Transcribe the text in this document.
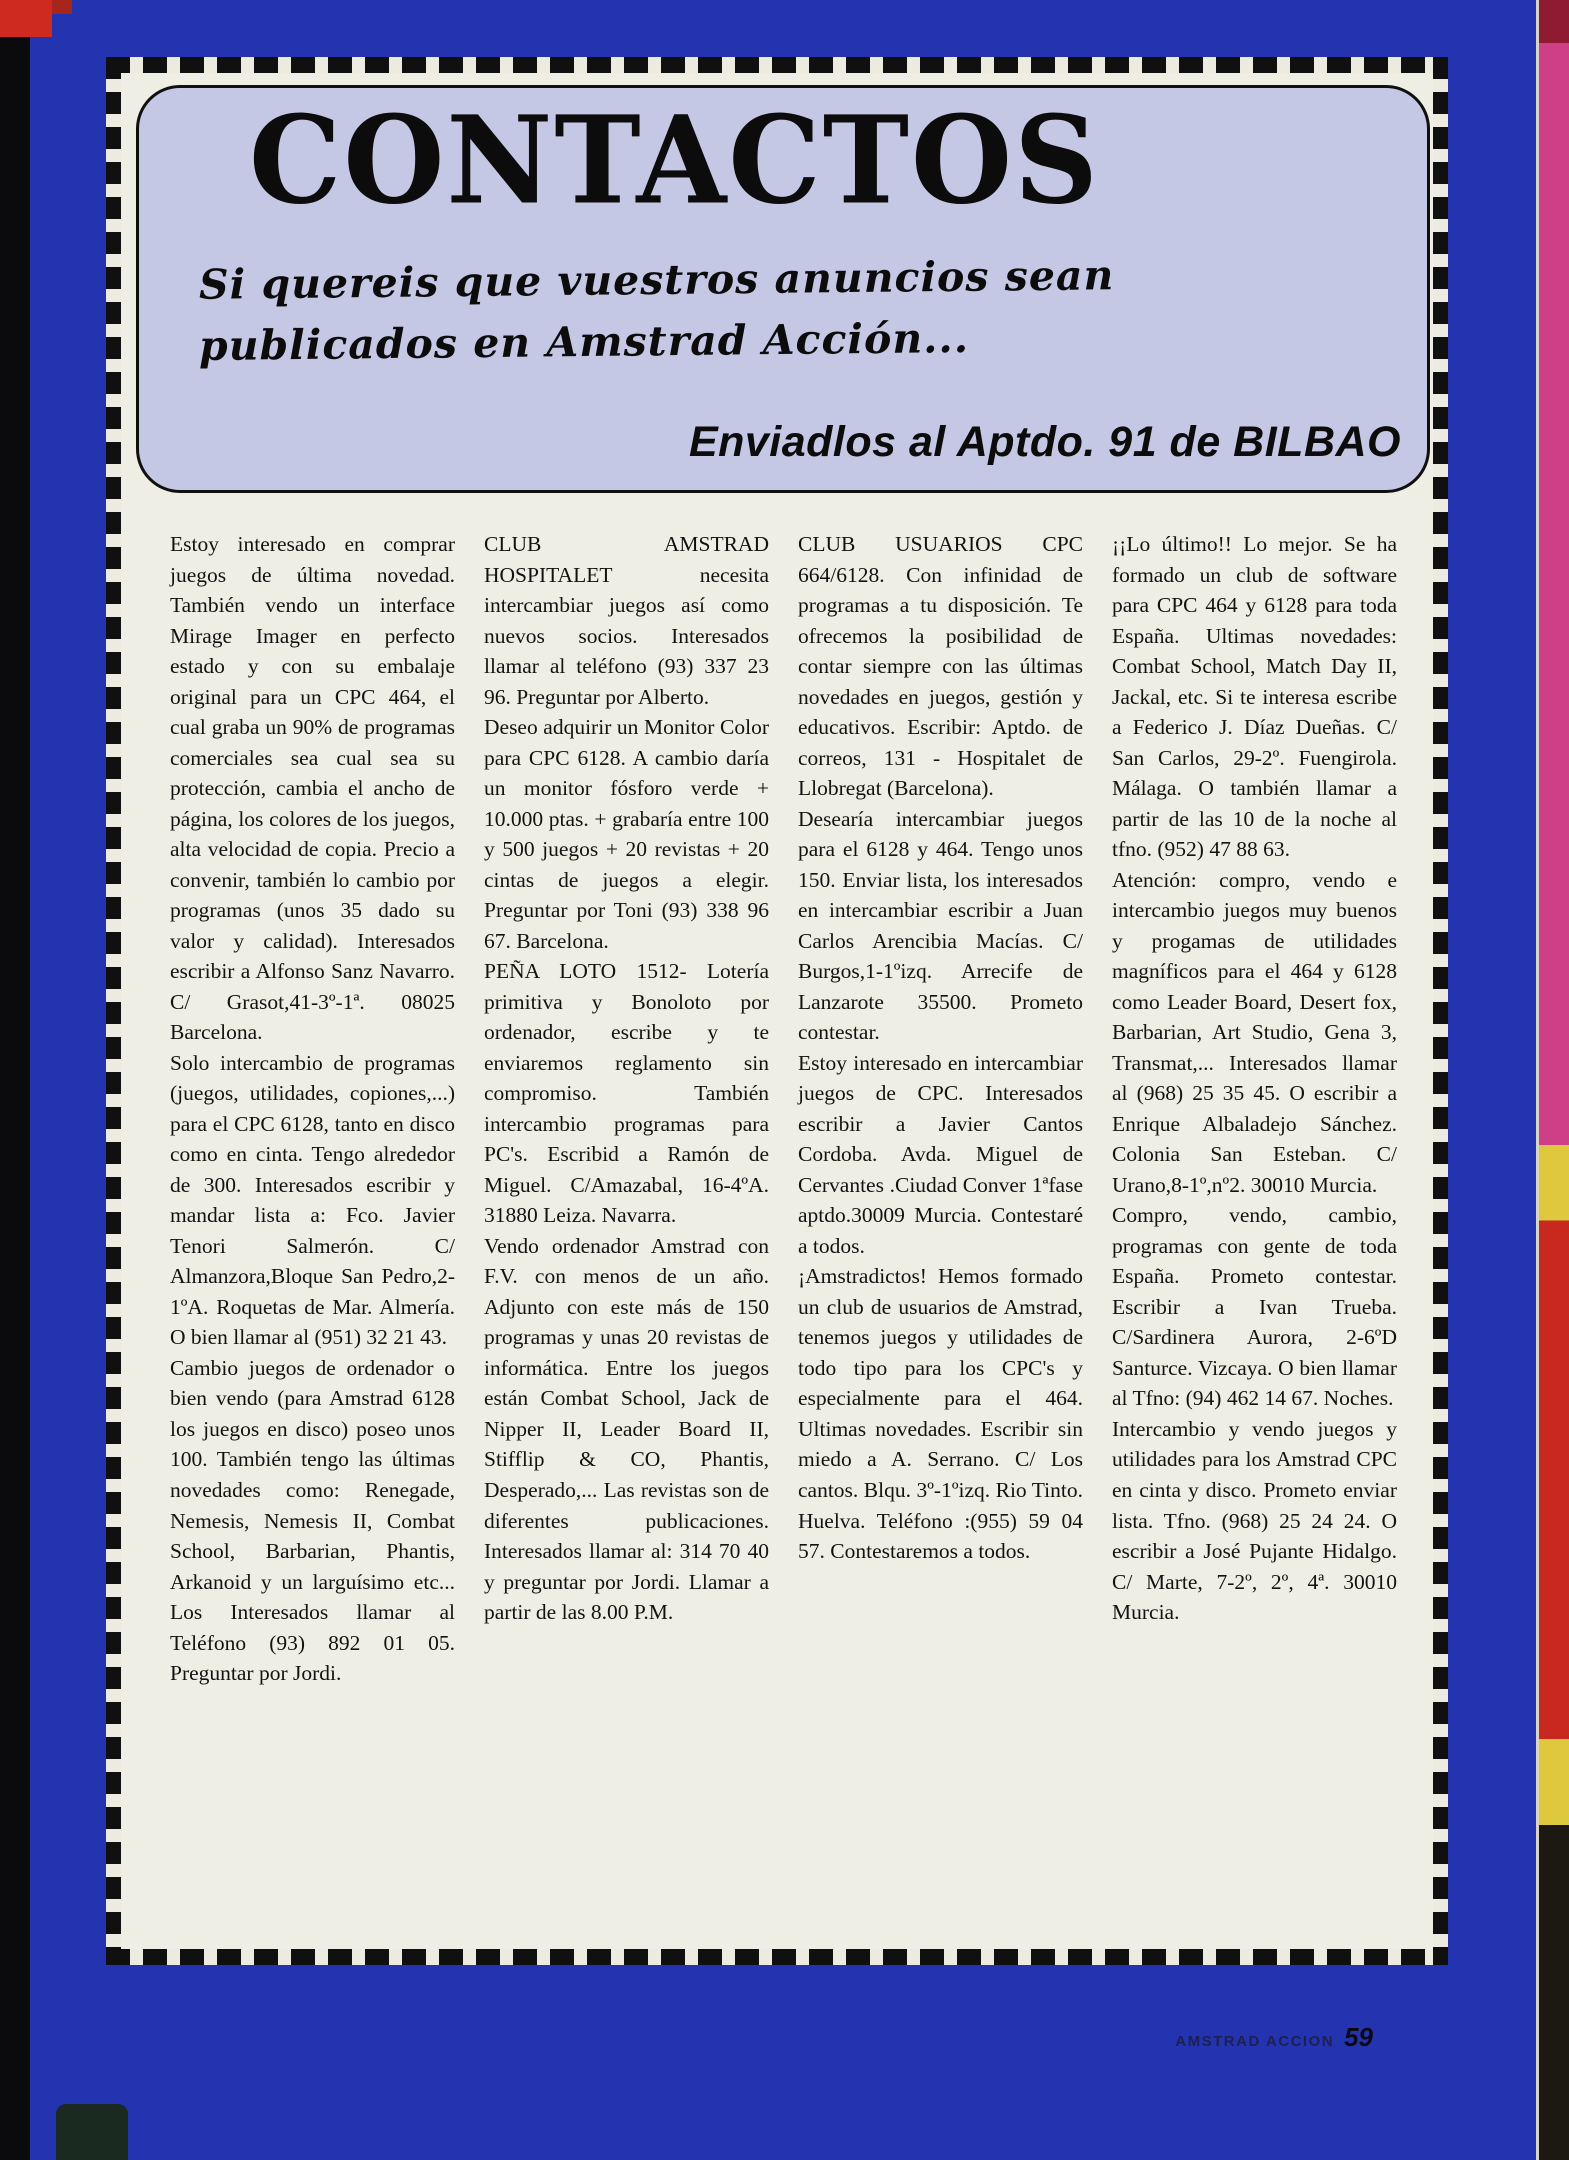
CONTACTOS
Si quereis que vuestros anuncios sean
publicados en Amstrad Acción...
Enviadlos al Aptdo. 91 de BILBAO

Estoy interesado en comprar juegos de última novedad. También vendo un interface Mirage Imager en perfecto estado y con su embalaje original para un CPC 464, el cual graba un 90% de programas comerciales sea cual sea su protección, cambia el ancho de página, los colores de los juegos, alta velocidad de copia. Precio a convenir, también lo cambio por programas (unos 35 dado su valor y calidad). Interesados escribir a Alfonso Sanz Navarro. C/ Grasot,41-3º-1ª. 08025 Barcelona.

Solo intercambio de programas (juegos, utilidades, copiones,...) para el CPC 6128, tanto en disco como en cinta. Tengo alrededor de 300. Interesados escribir y mandar lista a: Fco. Javier Tenori Salmerón. C/ Almanzora,Bloque San Pedro,2-1ºA. Roquetas de Mar. Almería. O bien llamar al (951) 32 21 43.

Cambio juegos de ordenador o bien vendo (para Amstrad 6128 los juegos en disco) poseo unos 100. También tengo las últimas novedades como: Renegade, Nemesis, Nemesis II, Combat School, Barbarian, Phantis, Arkanoid y un larguísimo etc... Los Interesados llamar al Teléfono (93) 892 01 05. Preguntar por Jordi.

CLUB AMSTRAD HOSPITALET necesita intercambiar juegos así como nuevos socios. Interesados llamar al teléfono (93) 337 23 96. Preguntar por Alberto.

Deseo adquirir un Monitor Color para CPC 6128. A cambio daría un monitor fósforo verde + 10.000 ptas. + grabaría entre 100 y 500 juegos + 20 revistas + 20 cintas de juegos a elegir. Preguntar por Toni (93) 338 96 67. Barcelona.

PEÑA LOTO 1512- Lotería primitiva y Bonoloto por ordenador, escribe y te enviaremos reglamento sin compromiso. También intercambio programas para PC's. Escribid a Ramón de Miguel. C/Amazabal, 16-4ºA. 31880 Leiza. Navarra.

Vendo ordenador Amstrad con F.V. con menos de un año. Adjunto con este más de 150 programas y unas 20 revistas de informática. Entre los juegos están Combat School, Jack de Nipper II, Leader Board II, Stifflip & CO, Phantis, Desperado,... Las revistas son de diferentes publicaciones. Interesados llamar al: 314 70 40 y preguntar por Jordi. Llamar a partir de las 8.00 P.M.

CLUB USUARIOS CPC 664/6128. Con infinidad de programas a tu disposición. Te ofrecemos la posibilidad de contar siempre con las últimas novedades en juegos, gestión y educativos. Escribir: Aptdo. de correos, 131 - Hospitalet de Llobregat (Barcelona).

Desearía intercambiar juegos para el 6128 y 464. Tengo unos 150. Enviar lista, los interesados en intercambiar escribir a Juan Carlos Arencibia Macías. C/ Burgos,1-1ºizq. Arrecife de Lanzarote 35500. Prometo contestar.

Estoy interesado en intercambiar juegos de CPC. Interesados escribir a Javier Cantos Cordoba. Avda. Miguel de Cervantes .Ciudad Conver 1ªfase aptdo.30009 Murcia. Contestaré a todos.

¡Amstradictos! Hemos formado un club de usuarios de Amstrad, tenemos juegos y utilidades de todo tipo para los CPC's y especialmente para el 464. Ultimas novedades. Escribir sin miedo a A. Serrano. C/ Los cantos. Blqu. 3º-1ºizq. Rio Tinto. Huelva. Teléfono :(955) 59 04 57. Contestaremos a todos.

¡¡Lo último!! Lo mejor. Se ha formado un club de software para CPC 464 y 6128 para toda España. Ultimas novedades: Combat School, Match Day II, Jackal, etc. Si te interesa escribe a Federico J. Díaz Dueñas. C/ San Carlos, 29-2º. Fuengirola. Málaga. O también llamar a partir de las 10 de la noche al tfno. (952) 47 88 63.

Atención: compro, vendo e intercambio juegos muy buenos y progamas de utilidades magníficos para el 464 y 6128 como Leader Board, Desert fox, Barbarian, Art Studio, Gena 3, Transmat,... Interesados llamar al (968) 25 35 45. O escribir a Enrique Albaladejo Sánchez. Colonia San Esteban. C/ Urano,8-1º,nº2. 30010 Murcia.

Compro, vendo, cambio, programas con gente de toda España. Prometo contestar. Escribir a Ivan Trueba. C/Sardinera Aurora, 2-6ºD Santurce. Vizcaya. O bien llamar al Tfno: (94) 462 14 67. Noches.

Intercambio y vendo juegos y utilidades para los Amstrad CPC en cinta y disco. Prometo enviar lista. Tfno. (968) 25 24 24. O escribir a José Pujante Hidalgo. C/ Marte, 7-2º, 2º, 4ª. 30010 Murcia.

AMSTRAD ACCION 59
